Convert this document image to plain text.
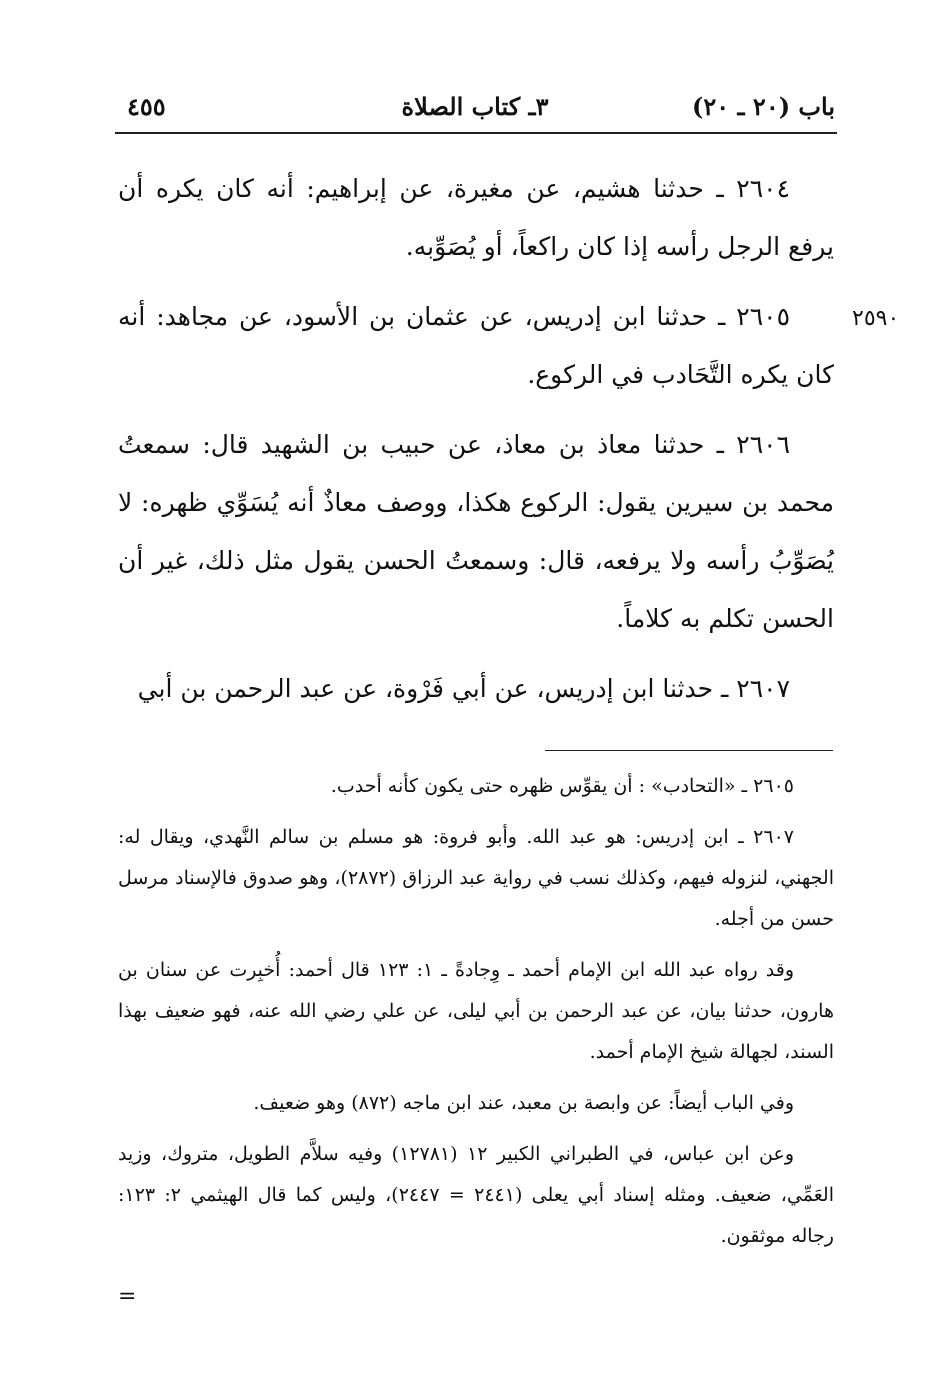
٤٥٥	٣ـ كتاب الصلاة	باب (٢٠ ـ ٢٠)
٢٥٩٠

٢٦٠٤ ـ حدثنا هشيم، عن مغيرة، عن إبراهيم: أنه كان يكره أن يرفع الرجل رأسه إذا كان راكعاً، أو يُصَوِّبه.

٢٦٠٥ ـ حدثنا ابن إدريس، عن عثمان بن الأسود، عن مجاهد: أنه كان يكره التَّحَادب في الركوع.

٢٦٠٦ ـ حدثنا معاذ بن معاذ، عن حبيب بن الشهيد قال: سمعتُ محمد بن سيرين يقول: الركوع هكذا، ووصف معاذٌ أنه يُسَوِّي ظهره: لا يُصَوِّبُ رأسه ولا يرفعه، قال: وسمعتُ الحسن يقول مثل ذلك، غير أن الحسن تكلم به كلاماً.

٢٦٠٧ ـ حدثنا ابن إدريس، عن أبي فَرْوة، عن عبد الرحمن بن أبي

٢٦٠٥ ـ «التحادب» : أن يقوِّس ظهره حتى يكون كأنه أحدب.

٢٦٠٧ ـ ابن إدريس: هو عبد الله. وأبو فروة: هو مسلم بن سالم النَّهدي، ويقال له: الجهني، لنزوله فيهم، وكذلك نسب في رواية عبد الرزاق (٢٨٧٢)، وهو صدوق فالإسناد مرسل حسن من أجله.

وقد رواه عبد الله ابن الإمام أحمد ـ وِجادةً ـ ١: ١٢٣ قال أحمد: أُخبِرت عن سنان بن هارون، حدثنا بيان، عن عبد الرحمن بن أبي ليلى، عن علي رضي الله عنه، فهو ضعيف بهذا السند، لجهالة شيخ الإمام أحمد.

وفي الباب أيضاً: عن وابصة بن معبد، عند ابن ماجه (٨٧٢) وهو ضعيف.

وعن ابن عباس، في الطبراني الكبير ١٢ (١٢٧٨١) وفيه سلاَّم الطويل، متروك، وزيد العَمِّي، ضعيف. ومثله إسناد أبي يعلى (٢٤٤١ = ٢٤٤٧)، وليس كما قال الهيثمي ٢: ١٢٣: رجاله موثقون.

=
